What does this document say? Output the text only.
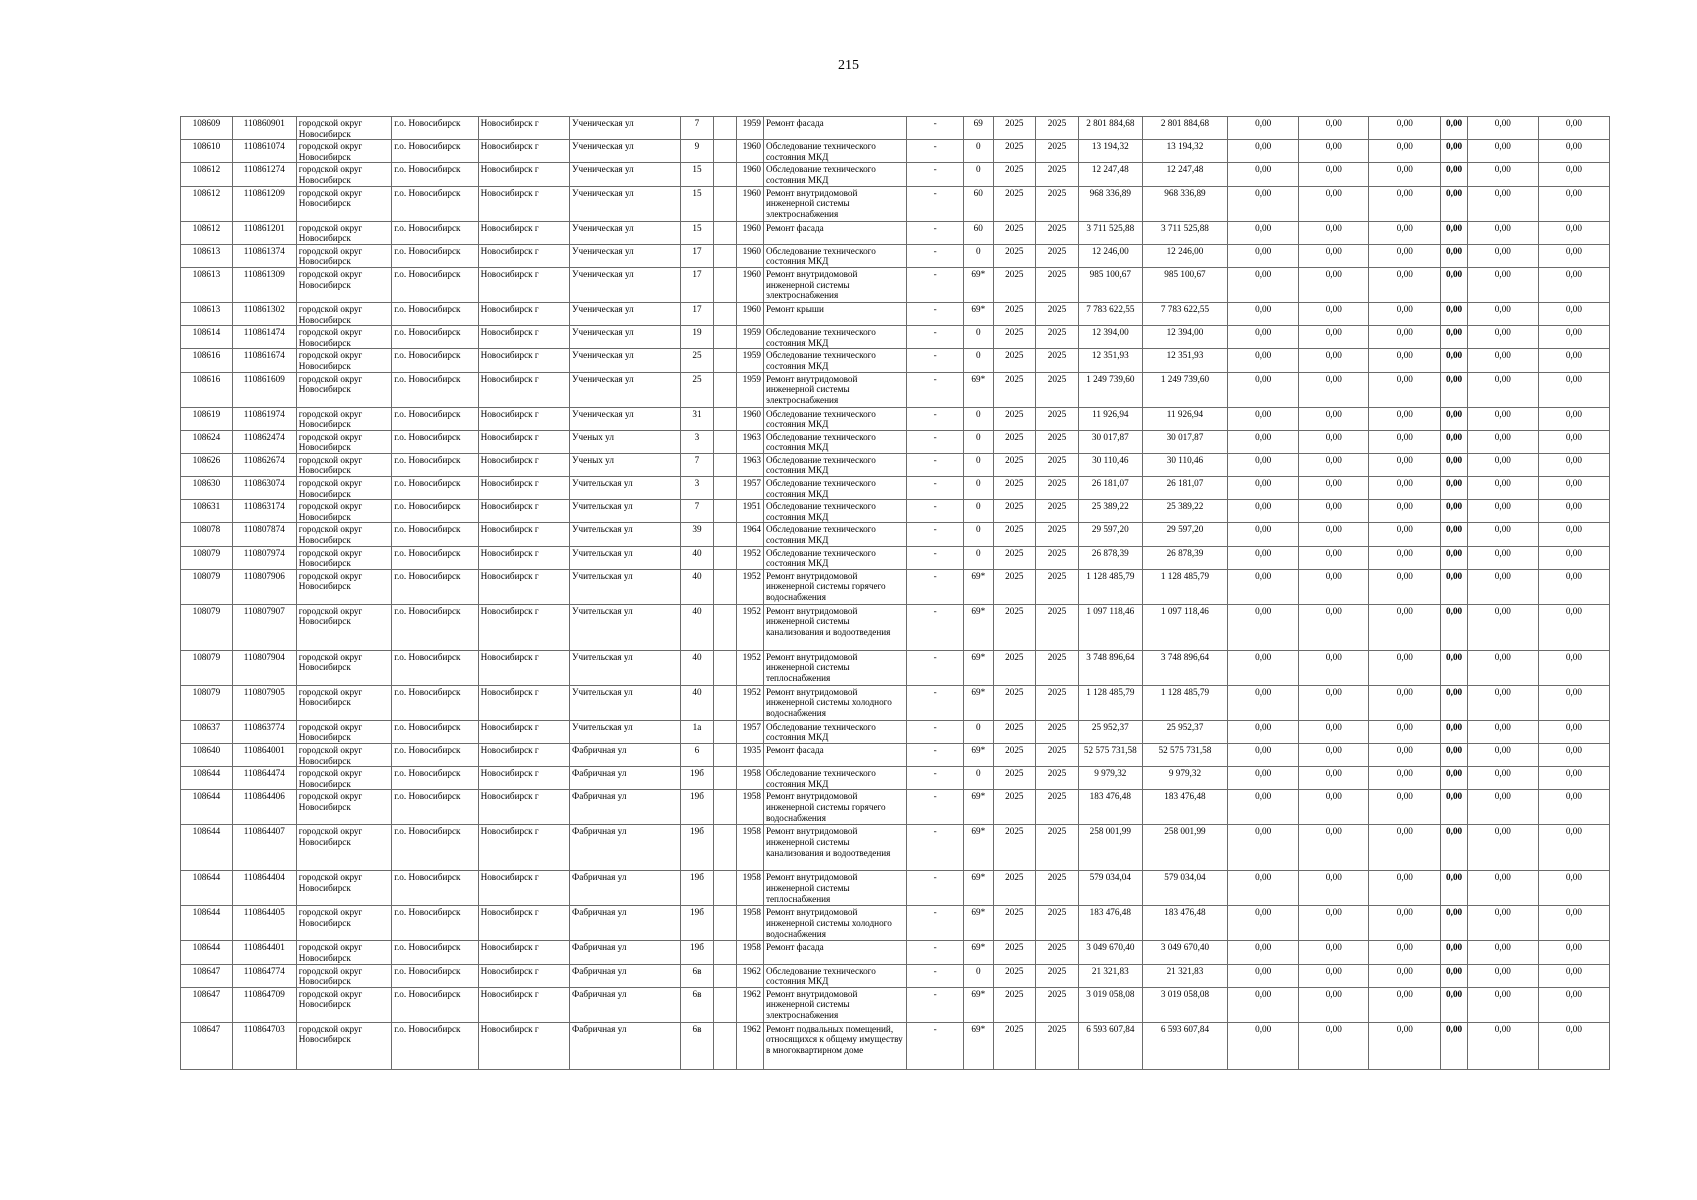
215
108609	110860901	городской округ Новосибирск	г.о. Новосибирск	Новосибирск г	Ученическая ул	7		1959	Ремонт фасада	-	69	2025	2025	2 801 884,68	2 801 884,68	0,00	0,00	0,00	0,00	0,00	0,00
108610	110861074	городской округ Новосибирск	г.о. Новосибирск	Новосибирск г	Ученическая ул	9		1960	Обследование технического состояния МКД	-	0	2025	2025	13 194,32	13 194,32	0,00	0,00	0,00	0,00	0,00	0,00
108612	110861274	городской округ Новосибирск	г.о. Новосибирск	Новосибирск г	Ученическая ул	15		1960	Обследование технического состояния МКД	-	0	2025	2025	12 247,48	12 247,48	0,00	0,00	0,00	0,00	0,00	0,00
108612	110861209	городской округ Новосибирск	г.о. Новосибирск	Новосибирск г	Ученическая ул	15		1960	Ремонт внутридомовой инженерной системы электроснабжения	-	60	2025	2025	968 336,89	968 336,89	0,00	0,00	0,00	0,00	0,00	0,00
108612	110861201	городской округ Новосибирск	г.о. Новосибирск	Новосибирск г	Ученическая ул	15		1960	Ремонт фасада	-	60	2025	2025	3 711 525,88	3 711 525,88	0,00	0,00	0,00	0,00	0,00	0,00
108613	110861374	городской округ Новосибирск	г.о. Новосибирск	Новосибирск г	Ученическая ул	17		1960	Обследование технического состояния МКД	-	0	2025	2025	12 246,00	12 246,00	0,00	0,00	0,00	0,00	0,00	0,00
108613	110861309	городской округ Новосибирск	г.о. Новосибирск	Новосибирск г	Ученическая ул	17		1960	Ремонт внутридомовой инженерной системы электроснабжения	-	69*	2025	2025	985 100,67	985 100,67	0,00	0,00	0,00	0,00	0,00	0,00
108613	110861302	городской округ Новосибирск	г.о. Новосибирск	Новосибирск г	Ученическая ул	17		1960	Ремонт крыши	-	69*	2025	2025	7 783 622,55	7 783 622,55	0,00	0,00	0,00	0,00	0,00	0,00
108614	110861474	городской округ Новосибирск	г.о. Новосибирск	Новосибирск г	Ученическая ул	19		1959	Обследование технического состояния МКД	-	0	2025	2025	12 394,00	12 394,00	0,00	0,00	0,00	0,00	0,00	0,00
108616	110861674	городской округ Новосибирск	г.о. Новосибирск	Новосибирск г	Ученическая ул	25		1959	Обследование технического состояния МКД	-	0	2025	2025	12 351,93	12 351,93	0,00	0,00	0,00	0,00	0,00	0,00
108616	110861609	городской округ Новосибирск	г.о. Новосибирск	Новосибирск г	Ученическая ул	25		1959	Ремонт внутридомовой инженерной системы электроснабжения	-	69*	2025	2025	1 249 739,60	1 249 739,60	0,00	0,00	0,00	0,00	0,00	0,00
108619	110861974	городской округ Новосибирск	г.о. Новосибирск	Новосибирск г	Ученическая ул	31		1960	Обследование технического состояния МКД	-	0	2025	2025	11 926,94	11 926,94	0,00	0,00	0,00	0,00	0,00	0,00
108624	110862474	городской округ Новосибирск	г.о. Новосибирск	Новосибирск г	Ученых ул	3		1963	Обследование технического состояния МКД	-	0	2025	2025	30 017,87	30 017,87	0,00	0,00	0,00	0,00	0,00	0,00
108626	110862674	городской округ Новосибирск	г.о. Новосибирск	Новосибирск г	Ученых ул	7		1963	Обследование технического состояния МКД	-	0	2025	2025	30 110,46	30 110,46	0,00	0,00	0,00	0,00	0,00	0,00
108630	110863074	городской округ Новосибирск	г.о. Новосибирск	Новосибирск г	Учительская ул	3		1957	Обследование технического состояния МКД	-	0	2025	2025	26 181,07	26 181,07	0,00	0,00	0,00	0,00	0,00	0,00
108631	110863174	городской округ Новосибирск	г.о. Новосибирск	Новосибирск г	Учительская ул	7		1951	Обследование технического состояния МКД	-	0	2025	2025	25 389,22	25 389,22	0,00	0,00	0,00	0,00	0,00	0,00
108078	110807874	городской округ Новосибирск	г.о. Новосибирск	Новосибирск г	Учительская ул	39		1964	Обследование технического состояния МКД	-	0	2025	2025	29 597,20	29 597,20	0,00	0,00	0,00	0,00	0,00	0,00
108079	110807974	городской округ Новосибирск	г.о. Новосибирск	Новосибирск г	Учительская ул	40		1952	Обследование технического состояния МКД	-	0	2025	2025	26 878,39	26 878,39	0,00	0,00	0,00	0,00	0,00	0,00
108079	110807906	городской округ Новосибирск	г.о. Новосибирск	Новосибирск г	Учительская ул	40		1952	Ремонт внутридомовой инженерной системы горячего водоснабжения	-	69*	2025	2025	1 128 485,79	1 128 485,79	0,00	0,00	0,00	0,00	0,00	0,00
108079	110807907	городской округ Новосибирск	г.о. Новосибирск	Новосибирск г	Учительская ул	40		1952	Ремонт внутридомовой инженерной системы канализования и водоотведения	-	69*	2025	2025	1 097 118,46	1 097 118,46	0,00	0,00	0,00	0,00	0,00	0,00
108079	110807904	городской округ Новосибирск	г.о. Новосибирск	Новосибирск г	Учительская ул	40		1952	Ремонт внутридомовой инженерной системы теплоснабжения	-	69*	2025	2025	3 748 896,64	3 748 896,64	0,00	0,00	0,00	0,00	0,00	0,00
108079	110807905	городской округ Новосибирск	г.о. Новосибирск	Новосибирск г	Учительская ул	40		1952	Ремонт внутридомовой инженерной системы холодного водоснабжения	-	69*	2025	2025	1 128 485,79	1 128 485,79	0,00	0,00	0,00	0,00	0,00	0,00
108637	110863774	городской округ Новосибирск	г.о. Новосибирск	Новосибирск г	Учительская ул	1а		1957	Обследование технического состояния МКД	-	0	2025	2025	25 952,37	25 952,37	0,00	0,00	0,00	0,00	0,00	0,00
108640	110864001	городской округ Новосибирск	г.о. Новосибирск	Новосибирск г	Фабричная ул	6		1935	Ремонт фасада	-	69*	2025	2025	52 575 731,58	52 575 731,58	0,00	0,00	0,00	0,00	0,00	0,00
108644	110864474	городской округ Новосибирск	г.о. Новосибирск	Новосибирск г	Фабричная ул	19б		1958	Обследование технического состояния МКД	-	0	2025	2025	9 979,32	9 979,32	0,00	0,00	0,00	0,00	0,00	0,00
108644	110864406	городской округ Новосибирск	г.о. Новосибирск	Новосибирск г	Фабричная ул	19б		1958	Ремонт внутридомовой инженерной системы горячего водоснабжения	-	69*	2025	2025	183 476,48	183 476,48	0,00	0,00	0,00	0,00	0,00	0,00
108644	110864407	городской округ Новосибирск	г.о. Новосибирск	Новосибирск г	Фабричная ул	19б		1958	Ремонт внутридомовой инженерной системы канализования и водоотведения	-	69*	2025	2025	258 001,99	258 001,99	0,00	0,00	0,00	0,00	0,00	0,00
108644	110864404	городской округ Новосибирск	г.о. Новосибирск	Новосибирск г	Фабричная ул	19б		1958	Ремонт внутридомовой инженерной системы теплоснабжения	-	69*	2025	2025	579 034,04	579 034,04	0,00	0,00	0,00	0,00	0,00	0,00
108644	110864405	городской округ Новосибирск	г.о. Новосибирск	Новосибирск г	Фабричная ул	19б		1958	Ремонт внутридомовой инженерной системы холодного водоснабжения	-	69*	2025	2025	183 476,48	183 476,48	0,00	0,00	0,00	0,00	0,00	0,00
108644	110864401	городской округ Новосибирск	г.о. Новосибирск	Новосибирск г	Фабричная ул	19б		1958	Ремонт фасада	-	69*	2025	2025	3 049 670,40	3 049 670,40	0,00	0,00	0,00	0,00	0,00	0,00
108647	110864774	городской округ Новосибирск	г.о. Новосибирск	Новосибирск г	Фабричная ул	6в		1962	Обследование технического состояния МКД	-	0	2025	2025	21 321,83	21 321,83	0,00	0,00	0,00	0,00	0,00	0,00
108647	110864709	городской округ Новосибирск	г.о. Новосибирск	Новосибирск г	Фабричная ул	6в		1962	Ремонт внутридомовой инженерной системы электроснабжения	-	69*	2025	2025	3 019 058,08	3 019 058,08	0,00	0,00	0,00	0,00	0,00	0,00
108647	110864703	городской округ Новосибирск	г.о. Новосибирск	Новосибирск г	Фабричная ул	6в		1962	Ремонт подвальных помещений, относящихся к общему имуществу в многоквартирном доме	-	69*	2025	2025	6 593 607,84	6 593 607,84	0,00	0,00	0,00	0,00	0,00	0,00
